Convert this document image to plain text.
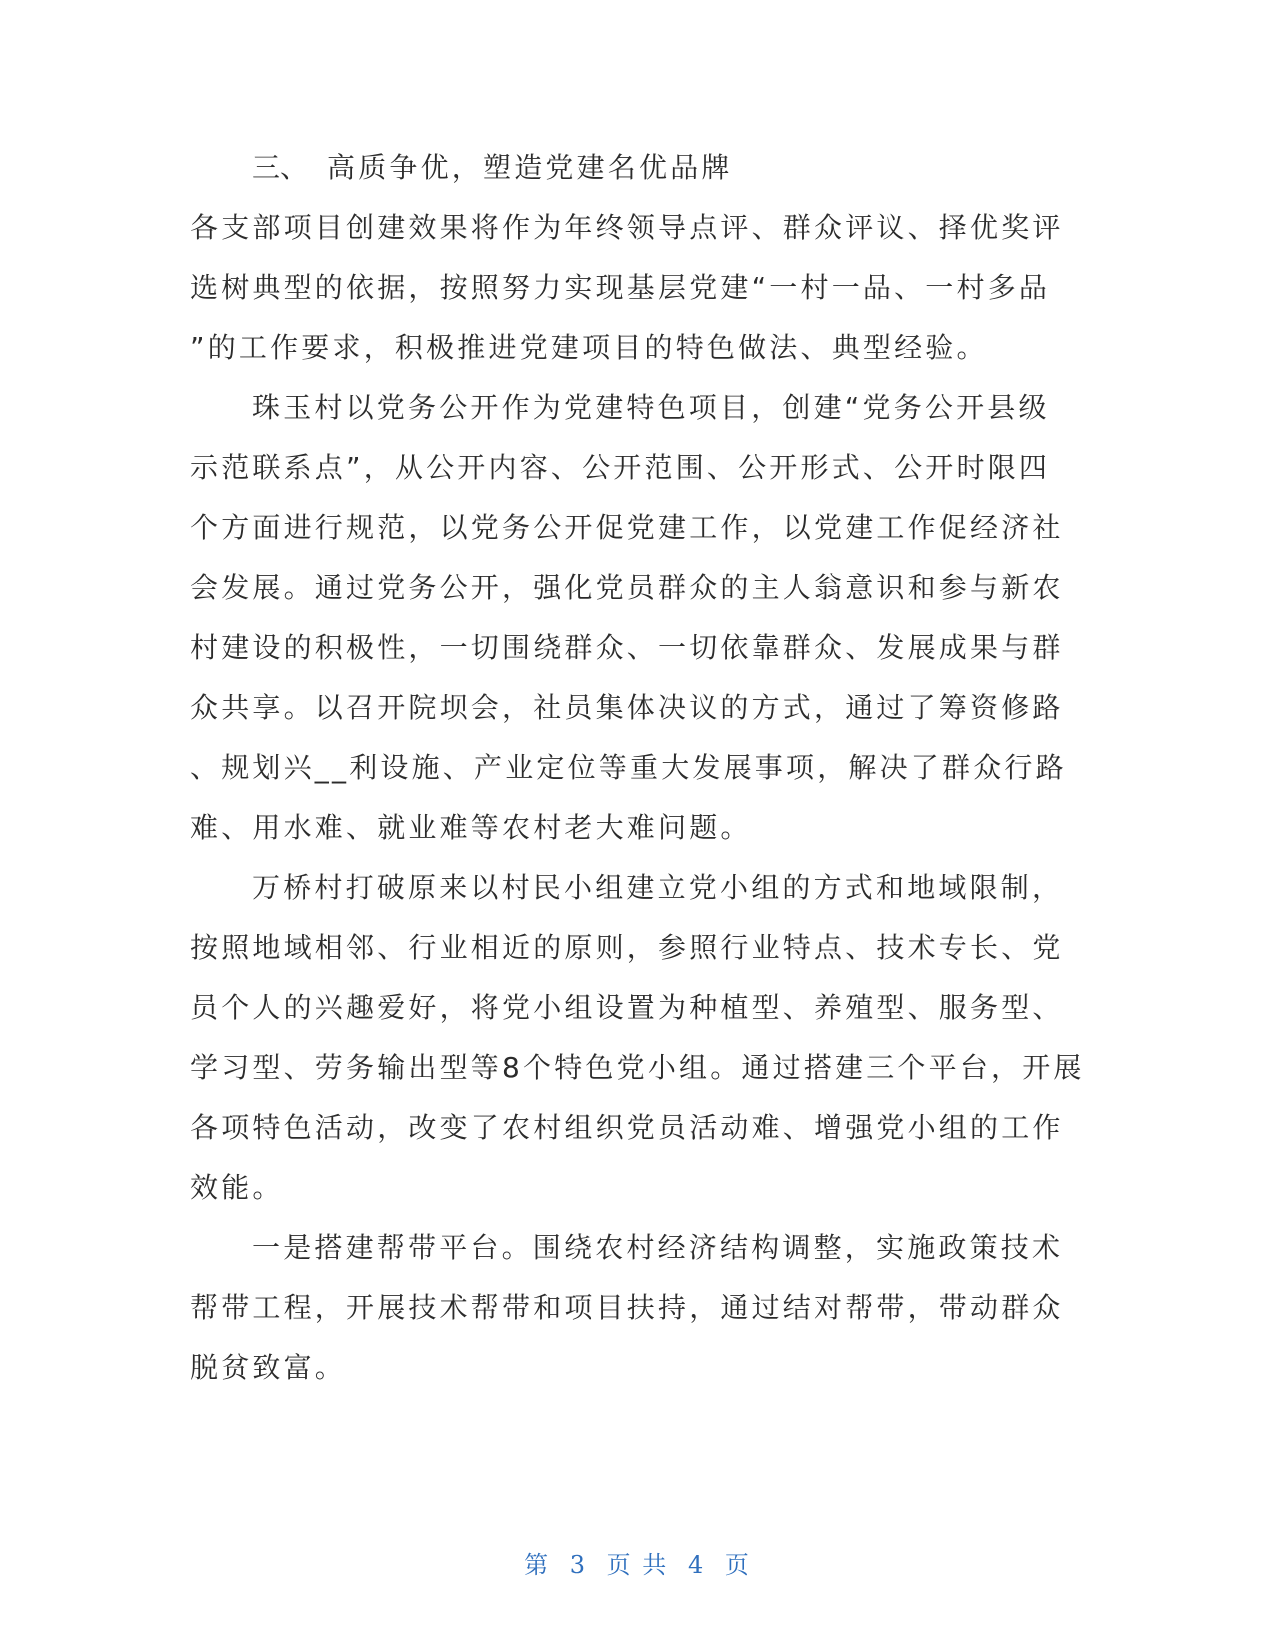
三、 高质争优，塑造党建名优品牌
各支部项目创建效果将作为年终领导点评、群众评议、择优奖评
选树典型的依据，按照努力实现基层党建“一村一品、一村多品
”的工作要求，积极推进党建项目的特色做法、典型经验。
珠玉村以党务公开作为党建特色项目，创建“党务公开县级
示范联系点”，从公开内容、公开范围、公开形式、公开时限四
个方面进行规范，以党务公开促党建工作，以党建工作促经济社
会发展。通过党务公开，强化党员群众的主人翁意识和参与新农
村建设的积极性，一切围绕群众、一切依靠群众、发展成果与群
众共享。以召开院坝会，社员集体决议的方式，通过了筹资修路
、规划兴__利设施、产业定位等重大发展事项，解决了群众行路
难、用水难、就业难等农村老大难问题。
万桥村打破原来以村民小组建立党小组的方式和地域限制，
按照地域相邻、行业相近的原则，参照行业特点、技术专长、党
员个人的兴趣爱好，将党小组设置为种植型、养殖型、服务型、
学习型、劳务输出型等8个特色党小组。通过搭建三个平台，开展
各项特色活动，改变了农村组织党员活动难、增强党小组的工作
效能。
一是搭建帮带平台。围绕农村经济结构调整，实施政策技术
帮带工程，开展技术帮带和项目扶持，通过结对帮带，带动群众
脱贫致富。
第 3 页 共 4 页
